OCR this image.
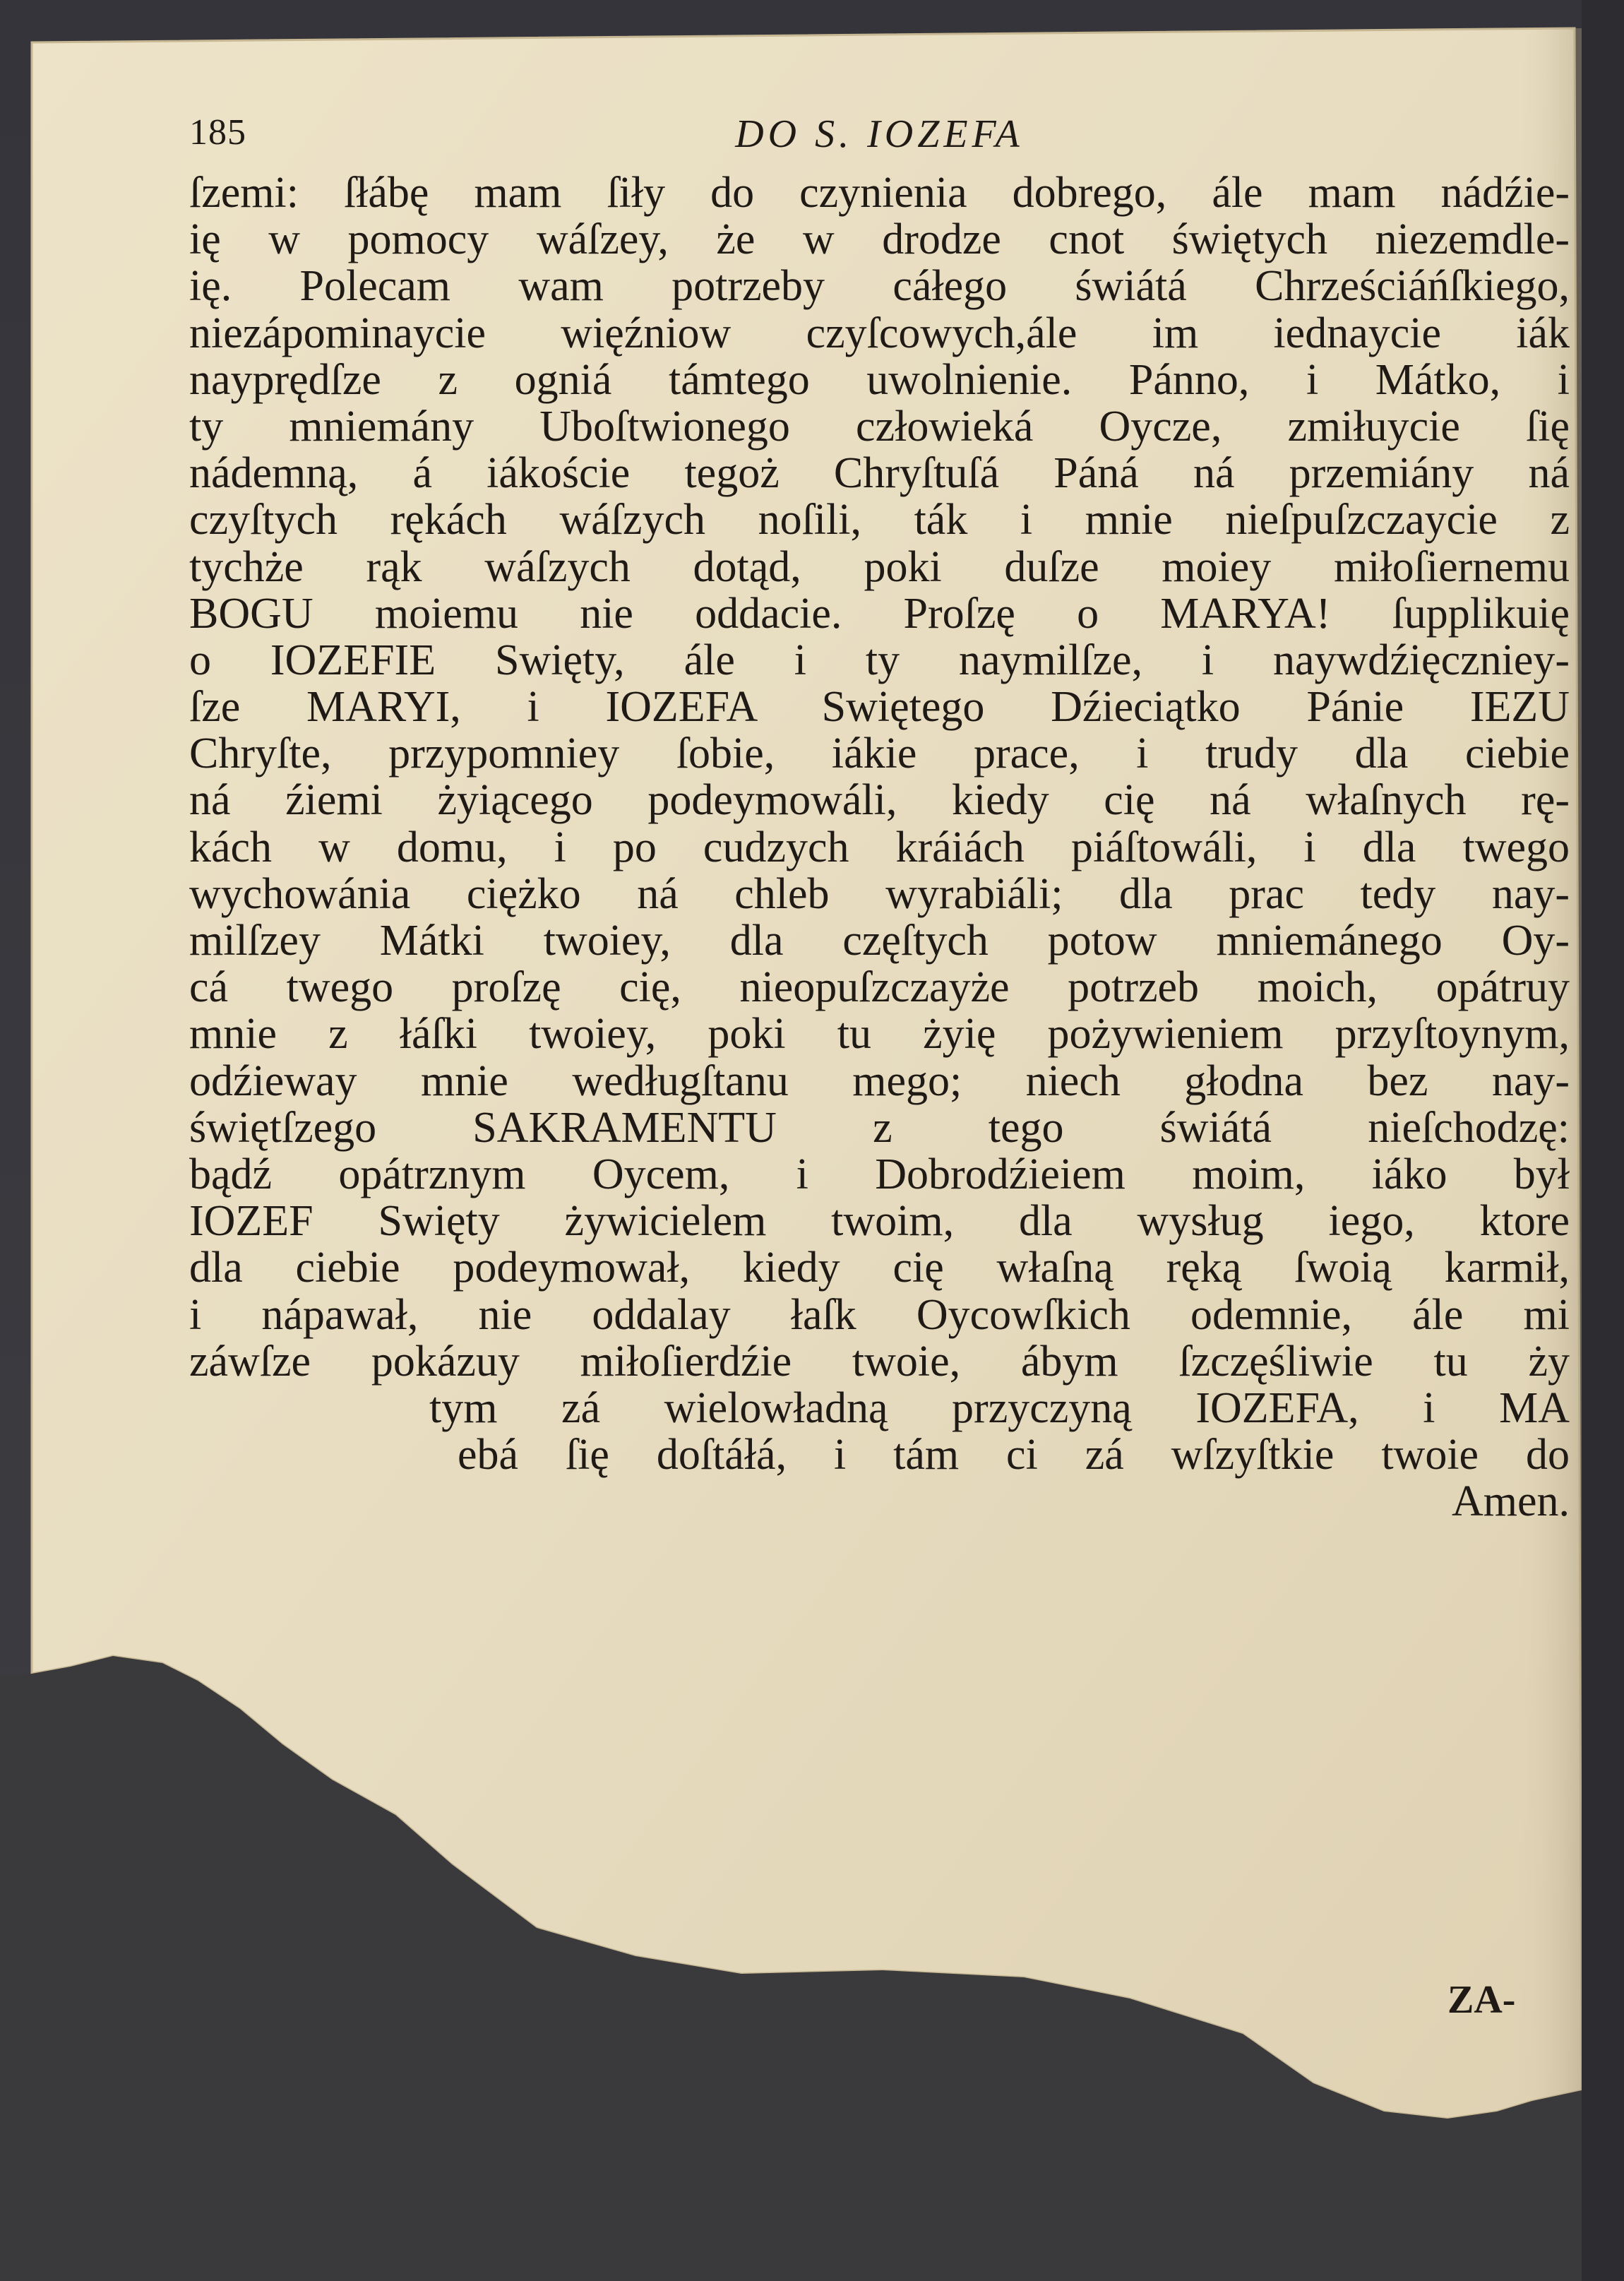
185	DO S. IOZEFA
ſzemi: ſłábę mam ſiły do czynienia dobrego, ále mam nádźie-
ię w pomocy wáſzey, że w drodze cnot świętych niezemdle-
ię. Polecam wam potrzeby cáłego świátá Chrześciáńſkiego,
niezápominaycie więźniow czyſcowych,ále im iednaycie iák
nayprędſze z ogniá támtego uwolnienie. Pánno, i Mátko, i
ty mniemány Uboſtwionego człowieká Oycze, zmiłuycie ſię
nádemną, á iákoście tegoż Chryſtuſá Páná ná przemiány ná
czyſtych rękách wáſzych noſili, ták i mnie nieſpuſzczaycie z
tychże rąk wáſzych dotąd, poki duſze moiey miłoſiernemu
BOGU moiemu nie oddacie. Proſzę o MARYA! ſupplikuię
o IOZEFIE Swięty, ále i ty naymilſze, i naywdźięczniey-
ſze MARYI, i IOZEFA Swiętego Dźieciątko Pánie IEZU
Chryſte, przypomniey ſobie, iákie prace, i trudy dla ciebie
ná źiemi żyiącego podeymowáli, kiedy cię ná właſnych rę-
kách w domu, i po cudzych kráiách piáſtowáli, i dla twego
wychowánia ciężko ná chleb wyrabiáli; dla prac tedy nay-
milſzey Mátki twoiey, dla częſtych potow mniemánego Oy-
cá twego proſzę cię, nieopuſzczayże potrzeb moich, opátruy
mnie z łáſki twoiey, poki tu żyię pożywieniem przyſtoynym,
odźieway mnie wedługſtanu mego; niech głodna bez nay-
świętſzego SAKRAMENTU z tego świátá nieſchodzę:
bądź opátrznym Oycem, i Dobrodźieiem moim, iáko był
IOZEF Swięty żywicielem twoim, dla wysług iego, ktore
dla ciebie podeymował, kiedy cię właſną ręką ſwoią karmił,
i nápawał, nie oddalay łaſk Oycowſkich odemnie, ále mi
záwſze pokázuy miłoſierdźie twoie, ábym ſzczęśliwie tu ży
tym zá wielowładną przyczyną IOZEFA, i MA
ebá ſię doſtáłá, i tám ci zá wſzyſtkie twoie do
Amen.
ZA-
